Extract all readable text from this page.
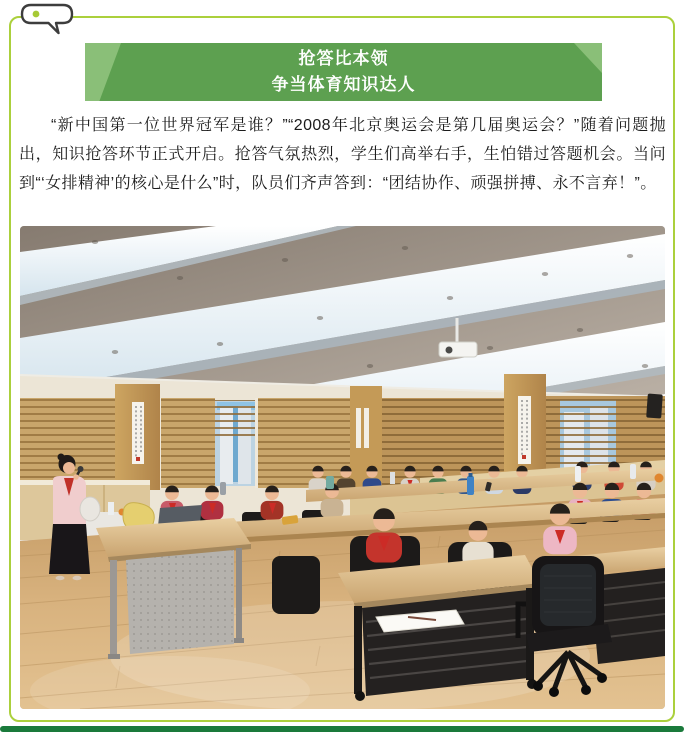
抢答比本领
争当体育知识达人

“新中国第一位世界冠军是谁？”“2008年北京奥运会是第几届奥运会？”随着问题抛出，知识抢答环节正式开启。抢答气氛热烈，学生们高举右手，生怕错过答题机会。当问到“‘女排精神’的核心是什么”时，队员们齐声答到：“团结协作、顽强拼搏、永不言弃！”。
